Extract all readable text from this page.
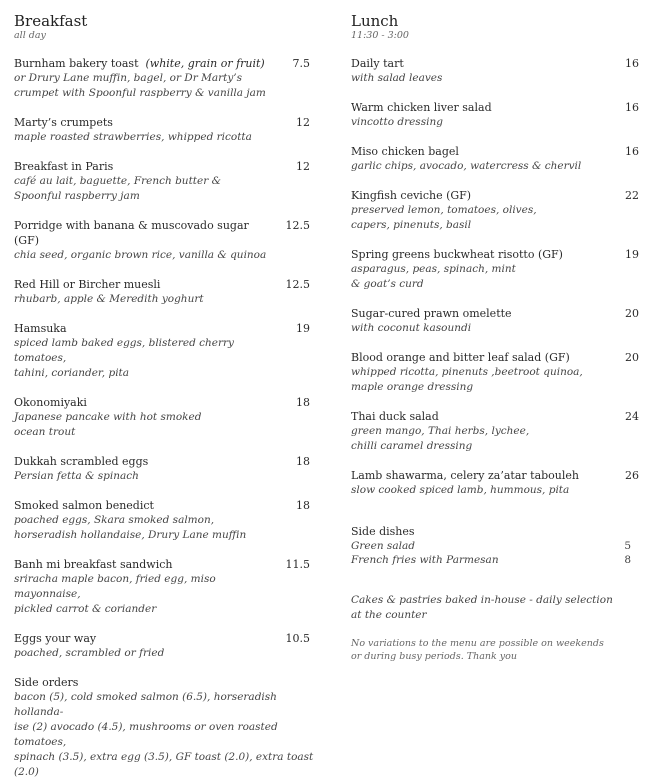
Breakfast
all day
Burnham bakery toast (white, grain or fruit)
or Drury Lane muffin, bagel, or Dr Marty’s
crumpet with Spoonful raspberry & vanilla jam
7.5
Marty’s crumpets
maple roasted strawberries, whipped ricotta
12
Breakfast in Paris
café au lait, baguette, French butter &
Spoonful raspberry jam
12
Porridge with banana & muscovado sugar (GF)
chia seed, organic brown rice, vanilla & quinoa
12.5
Red Hill or Bircher muesli
rhubarb, apple & Meredith yoghurt
12.5
Hamsuka
spiced lamb baked eggs, blistered cherry tomatoes,
tahini, coriander, pita
19
Okonomiyaki
Japanese pancake with hot smoked
ocean trout
18
Dukkah scrambled eggs
Persian fetta & spinach
18
Smoked salmon benedict
poached eggs, Skara smoked salmon,
horseradish hollandaise, Drury Lane muffin
18
Banh mi breakfast sandwich
sriracha maple bacon, fried egg, miso mayonnaise,
pickled carrot & coriander
11.5
Eggs your way
poached, scrambled or fried
10.5
Side orders
bacon (5), cold smoked salmon (6.5), horseradish hollanda-
ise (2) avocado (4.5), mushrooms or oven roasted tomatoes,
spinach (3.5), extra egg (3.5), GF toast (2.0), extra toast (2.0)
Lunch
11:30 - 3:00
Daily tart
with salad leaves
16
Warm chicken liver salad
vincotto dressing
16
Miso chicken bagel
garlic chips, avocado, watercress & chervil
16
Kingfish ceviche (GF)
preserved lemon, tomatoes, olives,
capers, pinenuts, basil
22
Spring greens buckwheat risotto (GF)
asparagus, peas, spinach, mint
& goat’s curd
19
Sugar-cured prawn omelette
with coconut kasoundi
20
Blood orange and bitter leaf salad (GF)
whipped ricotta, pinenuts ,beetroot quinoa,
maple orange dressing
20
Thai duck salad
green mango, Thai herbs, lychee,
chilli caramel dressing
24
Lamb shawarma, celery za’atar tabouleh
slow cooked spiced lamb, hummous, pita
26
Side dishes
Green salad	5
French fries with Parmesan	8
Cakes & pastries baked in-house - daily selection
at the counter
No variations to the menu are possible on weekends
or during busy periods. Thank you
